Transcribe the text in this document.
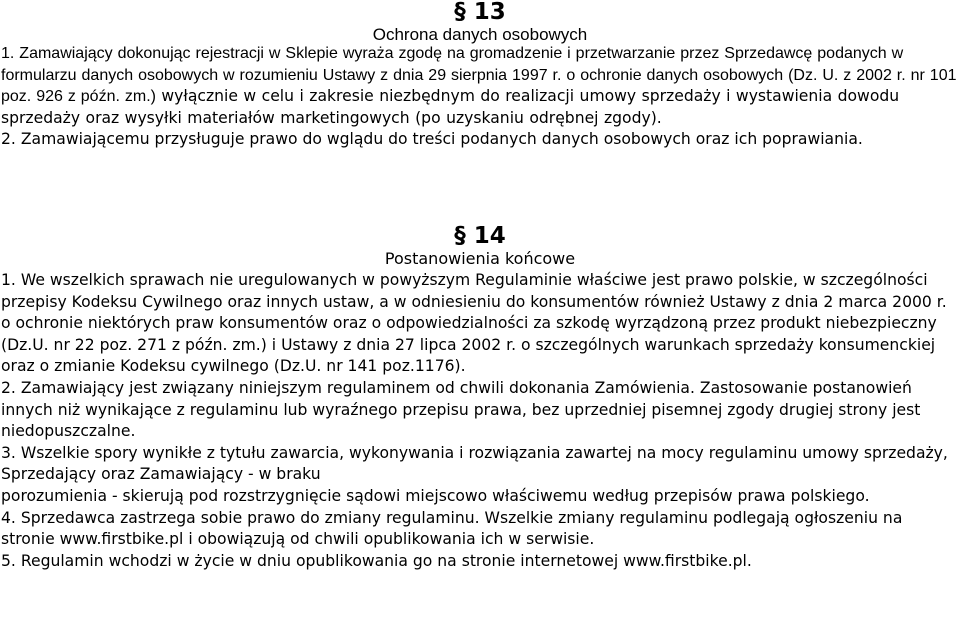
§ 13
Ochrona danych osobowych

1. Zamawiający dokonując rejestracji w Sklepie wyraża zgodę na gromadzenie i przetwarzanie przez Sprzedawcę podanych w formularzu danych osobowych w rozumieniu Ustawy z dnia 29 sierpnia 1997 r. o ochronie danych osobowych (Dz. U. z 2002 r. nr 101 poz. 926 z późn. zm.) wyłącznie w celu i zakresie niezbędnym do realizacji umowy sprzedaży i wystawienia dowodu sprzedaży oraz wysyłki materiałów marketingowych (po uzyskaniu odrębnej zgody).

2. Zamawiającemu przysługuje prawo do wglądu do treści podanych danych osobowych oraz ich poprawiania.

§ 14
Postanowienia końcowe

1. We wszelkich sprawach nie uregulowanych w powyższym Regulaminie właściwe jest prawo polskie, w szczególności przepisy Kodeksu Cywilnego oraz innych ustaw, a w odniesieniu do konsumentów również Ustawy z dnia 2 marca 2000 r. o ochronie niektórych praw konsumentów oraz o odpowiedzialności za szkodę wyrządzoną przez produkt niebezpieczny (Dz.U. nr 22 poz. 271 z późn. zm.) i Ustawy z dnia 27 lipca 2002 r. o szczególnych warunkach sprzedaży konsumenckiej oraz o zmianie Kodeksu cywilnego (Dz.U. nr 141 poz.1176).

2. Zamawiający jest związany niniejszym regulaminem od chwili dokonania Zamówienia. Zastosowanie postanowień innych niż wynikające z regulaminu lub wyraźnego przepisu prawa, bez uprzedniej pisemnej zgody drugiej strony jest niedopuszczalne.

3. Wszelkie spory wynikłe z tytułu zawarcia, wykonywania i rozwiązania zawartej na mocy regulaminu umowy sprzedaży, Sprzedający oraz Zamawiający - w braku

porozumienia - skierują pod rozstrzygnięcie sądowi miejscowo właściwemu według przepisów prawa polskiego.

4. Sprzedawca zastrzega sobie prawo do zmiany regulaminu. Wszelkie zmiany regulaminu podlegają ogłoszeniu na stronie www.firstbike.pl i obowiązują od chwili opublikowania ich w serwisie.

5. Regulamin wchodzi w życie w dniu opublikowania go na stronie internetowej www.firstbike.pl.
